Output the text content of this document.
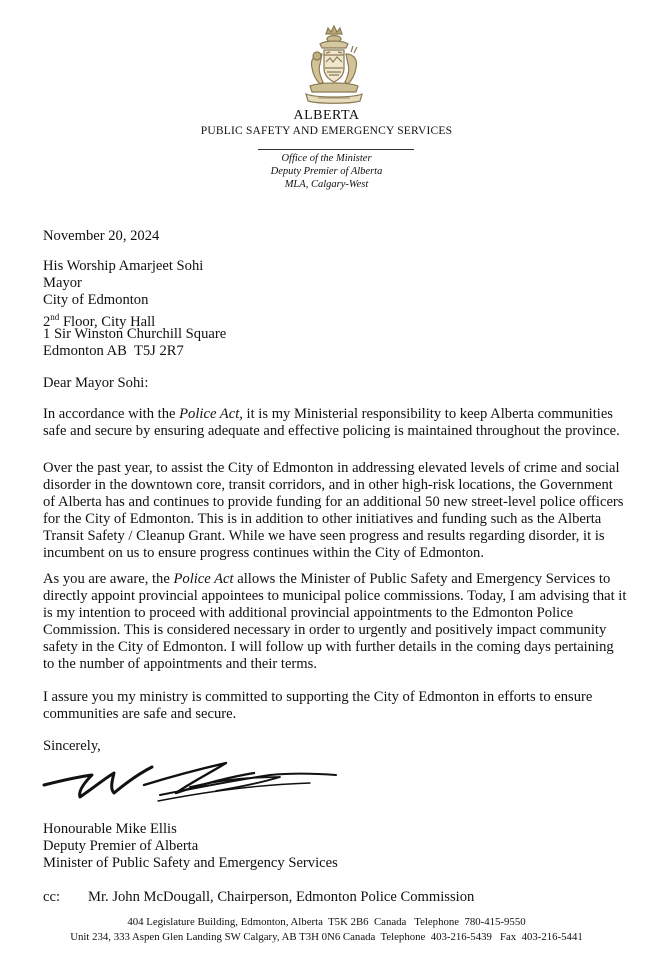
ALBERTA
PUBLIC SAFETY AND EMERGENCY SERVICES
Office of the Minister
Deputy Premier of Alberta
MLA, Calgary-West
November 20, 2024
His Worship Amarjeet Sohi
Mayor
City of Edmonton
2nd Floor, City Hall
1 Sir Winston Churchill Square
Edmonton AB  T5J 2R7
Dear Mayor Sohi:
In accordance with the Police Act, it is my Ministerial responsibility to keep Alberta communities safe and secure by ensuring adequate and effective policing is maintained throughout the province.
Over the past year, to assist the City of Edmonton in addressing elevated levels of crime and social disorder in the downtown core, transit corridors, and in other high-risk locations, the Government of Alberta has and continues to provide funding for an additional 50 new street-level police officers for the City of Edmonton. This is in addition to other initiatives and funding such as the Alberta Transit Safety / Cleanup Grant. While we have seen progress and results regarding disorder, it is incumbent on us to ensure progress continues within the City of Edmonton.
As you are aware, the Police Act allows the Minister of Public Safety and Emergency Services to directly appoint provincial appointees to municipal police commissions. Today, I am advising that it is my intention to proceed with additional provincial appointments to the Edmonton Police Commission. This is considered necessary in order to urgently and positively impact community safety in the City of Edmonton. I will follow up with further details in the coming days pertaining to the number of appointments and their terms.
I assure you my ministry is committed to supporting the City of Edmonton in efforts to ensure communities are safe and secure.
Sincerely,
Honourable Mike Ellis
Deputy Premier of Alberta
Minister of Public Safety and Emergency Services
cc: Mr. John McDougall, Chairperson, Edmonton Police Commission
404 Legislature Building, Edmonton, Alberta  T5K 2B6  Canada   Telephone  780-415-9550
Unit 234, 333 Aspen Glen Landing SW Calgary, AB T3H 0N6 Canada  Telephone  403-216-5439   Fax  403-216-5441
